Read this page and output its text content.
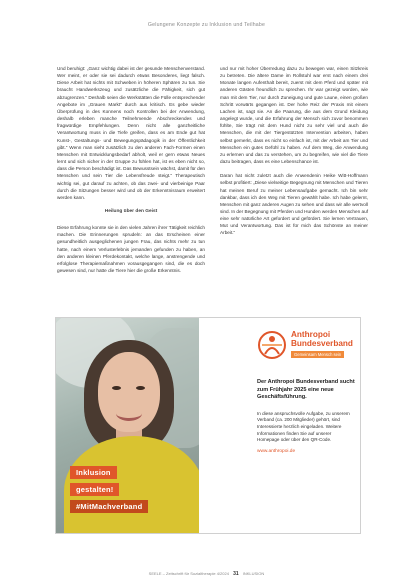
Gelungene Konzepte zu Inklusion und Teilhabe

Und beruhigt: „Ganz wichtig dabei ist der gesunde Menschenverstand. Wer meint, er oder sie sei dadurch etwas Besonderes, liegt falsch. Diese Arbeit hat nichts mit Schweben in höheren Sphären zu tun. Sie braucht Handwerkszeug und zusätzliche die Fähigkeit, sich gut abzugrenzen.“ Deshalb seien die Werkstätten die Fülle entsprechender Angebote im „Grauen Markt“ durch aus kritisch. Es gebe wieder Überprüfung in des Konnens noch Kontrollen bei der Anwendung, deshalb erleben manche Teilnehmende Abschreckendes und fragwürdige Empfehlungen. Denn nicht alle ganzheitliche Verantwortung muss in die Tiefe greifen, dass es am Ende gut hat Kunst-, Gestaltungs- und Bewegungspädagogik in der Öffentlichkeit gibt.“ Wenn man sieht zusätzlich zu den anderen Fach-Formen einen Menschen mit Entwicklungsbedarf abholt, weil er gern etwas Neues lernt und sich sicher in der Gruppe zu fühlen hat, ist es eben nicht so, dass die Person beschädigt ist. Das Bewusstsein wächst, damit für den Menschen und sein Tier die Lebensfreude steigt.“ Therapeutisch wichtig sei, gut darauf zu achten, ob das zwei- und vierbeinige Paar durch die Sitzungen besser wird und ob der Erkenntnisraum erweitert werden kann.

Heilung über den Geist

Diese Erfahrung konnte sie in den vielen Jahren ihrer Tätigkeit reichlich machen. Die Erinnerungen sprudeln: an das Erscheinen einer gesundheitlich ausgeglichenen jungen Frau, das nichts mehr zu tun hatte, nach einem Verlusterlebnis jemanden gefunden zu haben, an den anderen kleinen Pferdekontakt, welche lange, anstrengende und erfolglose Therapiemaßnahmen vorausgegangen sind, die es doch gewesen sind, nur hatte die Tiere hier die große Erkenntnis.

und nur mit hoher Überredung dazu zu bewegen war, einen Sitzkreis zu betreten. Die ältere Dame im Rollstuhl war erst nach einem drei Monate langen Aufenthalt bereit, zuerst mit dem Pferd und später mit anderen Gästen freundlich zu sprechen. Ihr war gezeigt worden, wie man mit dem Tier, nur durch Zuneigung und gute Laune, einen großen Schritt vorwärts gegangen ist. Der hohe Reiz der Praxis mit einem Lachen ist, sagt sie. An die Paarung, die aus dem Grund Kleidung angelegt wurde, und die Erfahrung der Mensch sich zuvor benommen fühlte, Sie trägt mit dem Hund nicht zu sehr viel und auch die Menschen, die mit der Tiergestützten Intervention arbeiten, haben selbst gemerkt, dass es nicht so einfach ist, mit der Arbeit am Tier und Menschen ein gutes Gefühl zu haben. Auf dem Weg, die Anwendung zu erlernen und das zu verstehen, um zu begreifen, wie viel die Tiere dazu beitragen, dass es eine Lebenschance ist.

Daran hat nicht zuletzt auch die Anwendenin Heike Witt-Hoffmann selbst profitiert: „Diese vielseitige Begegnung mit Menschen und Tieren hat meinen Beruf zu meiner Lebensaufgabe gemacht. Ich bin sehr dankbar, dass ich den Weg mit Tieren gewählt habe. Ich habe gelernt, Menschen mit ganz anderen Augen zu sehen und dass wir alle wertvoll sind. In der Begegnung mit Pferden und Hunden werden Menschen auf eine sehr natürliche Art gefordert und gefördert. Sie lernen Vertrauen, Mut und Verantwortung. Das ist für mich das Schönste an meiner Arbeit.“

Inklusion
gestalten!
#MitMachverband
Anthropoi
Bundesverband
Gemeinsam Mensch sein
Der Anthropoi Bundesverband sucht zum Frühjahr 2025 eine neue Geschäftsführung.
In diese anspruchsvolle Aufgabe, zu unserem Verband (ca. 200 Mitglieder) gehört, sind Interessierte herzlich eingeladen. Weitere Informationen finden Sie auf unserer Homepage oder über den QR-Code.
www.anthropoi.de
SEELE – Zeitschrift für Sozialtherapie 4/2024 31 INKLUSION
